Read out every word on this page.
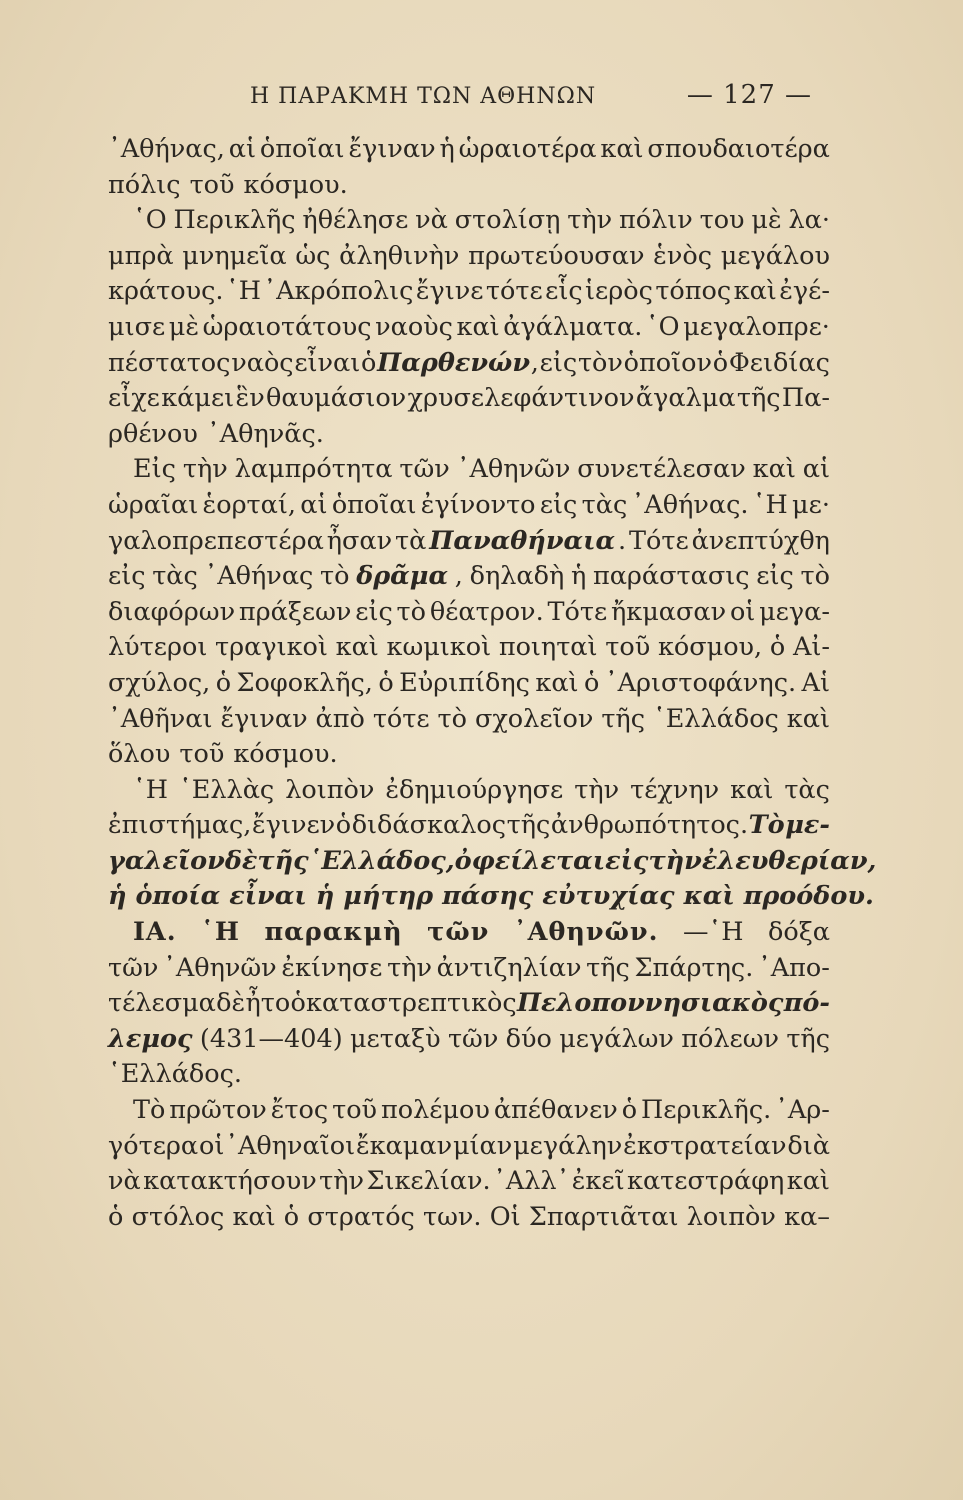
Η ΠΑΡΑΚΜΗ ΤΩΝ ΑΘΗΝΩΝ	— 127 —
᾿Αθήνας, αἱ ὁποῖαι ἔγιναν ἡ ὡραιοτέρα καὶ σπουδαιοτέρα
πόλις τοῦ κόσμου.
῾Ο Περικλῆς ἠθέλησε νὰ στολίσῃ τὴν πόλιν του μὲ λα·
μπρὰ μνημεῖα ὡς ἀληθινὴν πρωτεύουσαν ἑνὸς μεγάλου
κράτους. ῾Η ᾿Ακρόπολις ἔγινε τότε εἷς ἱερὸς τόπος καὶ ἐγέ-
μισε μὲ ὡραιοτάτους ναοὺς καὶ ἀγάλματα. ῾Ο μεγαλοπρε·
πέστατος ναὸς εἶναι ὁ Παρθενών , εἰς τὸν ὁποῖον ὁ Φειδίας
εἶχε κάμει ἓν θαυμάσιον χρυσελεφάντινον ἄγαλμα τῆς Πα-
ρθένου ᾿Αθηνᾶς.
Εἰς τὴν λαμπρότητα τῶν ᾿Αθηνῶν συνετέλεσαν καὶ αἱ
ὡραῖαι ἑορταί, αἱ ὁποῖαι ἐγίνοντο εἰς τὰς ᾿Αθήνας. ῾Η με·
γαλοπρεπεστέρα ἦσαν τὰ Παναθήναια . Τότε ἀνεπτύχθη
εἰς τὰς ᾿Αθήνας τὸ δρᾶμα , δηλαδὴ ἡ παράστασις εἰς τὸ
διαφόρων πράξεων εἰς τὸ θέατρον. Τότε ἤκμασαν οἱ μεγα-
λύτεροι τραγικοὶ καὶ κωμικοὶ ποιηταὶ τοῦ κόσμου, ὁ Αἰ-
σχύλος, ὁ Σοφοκλῆς, ὁ Εὐριπίδης καὶ ὁ ᾿Αριστοφάνης. Αἱ
᾿Αθῆναι ἔγιναν ἀπὸ τότε τὸ σχολεῖον τῆς ῾Ελλάδος καὶ
ὅλου τοῦ κόσμου.
῾Η ῾Ελλὰς λοιπὸν ἐδημιούργησε τὴν τέχνην καὶ τὰς
ἐπιστήμας, ἔγινεν ὁ διδάσκαλος τῆς ἀνθρωπότητος. Τὸ με-
γαλεῖον δὲ τῆς ῾Ελλάδος, ὀφείλεται εἰς τὴν ἐλευθερίαν,
ἡ ὁποία εἶναι ἡ μήτηρ πάσης εὐτυχίας καὶ προόδου.
ΙΑ. ῾Η παρακμὴ τῶν ᾿Αθηνῶν. —῾Η δόξα
τῶν ᾿Αθηνῶν ἐκίνησε τὴν ἀντιζηλίαν τῆς Σπάρτης. ᾿Απο-
τέλεσμα δὲ ἦτο ὁ καταστρεπτικὸς Πελοποννησιακὸς πό-
λεμος (431—404) μεταξὺ τῶν δύο μεγάλων πόλεων τῆς
῾Ελλάδος.
Τὸ πρῶτον ἔτος τοῦ πολέμου ἀπέθανεν ὁ Περικλῆς. ᾿Αρ-
γότερα οἱ ᾿Αθηναῖοι ἔκαμαν μίαν μεγάλην ἐκστρατείαν διὰ
νὰ κατακτήσουν τὴν Σικελίαν. ᾿Αλλ᾿ ἐκεῖ κατεστράφη καὶ
ὁ στόλος καὶ ὁ στρατός των. Οἱ Σπαρτιᾶται λοιπὸν κα–
